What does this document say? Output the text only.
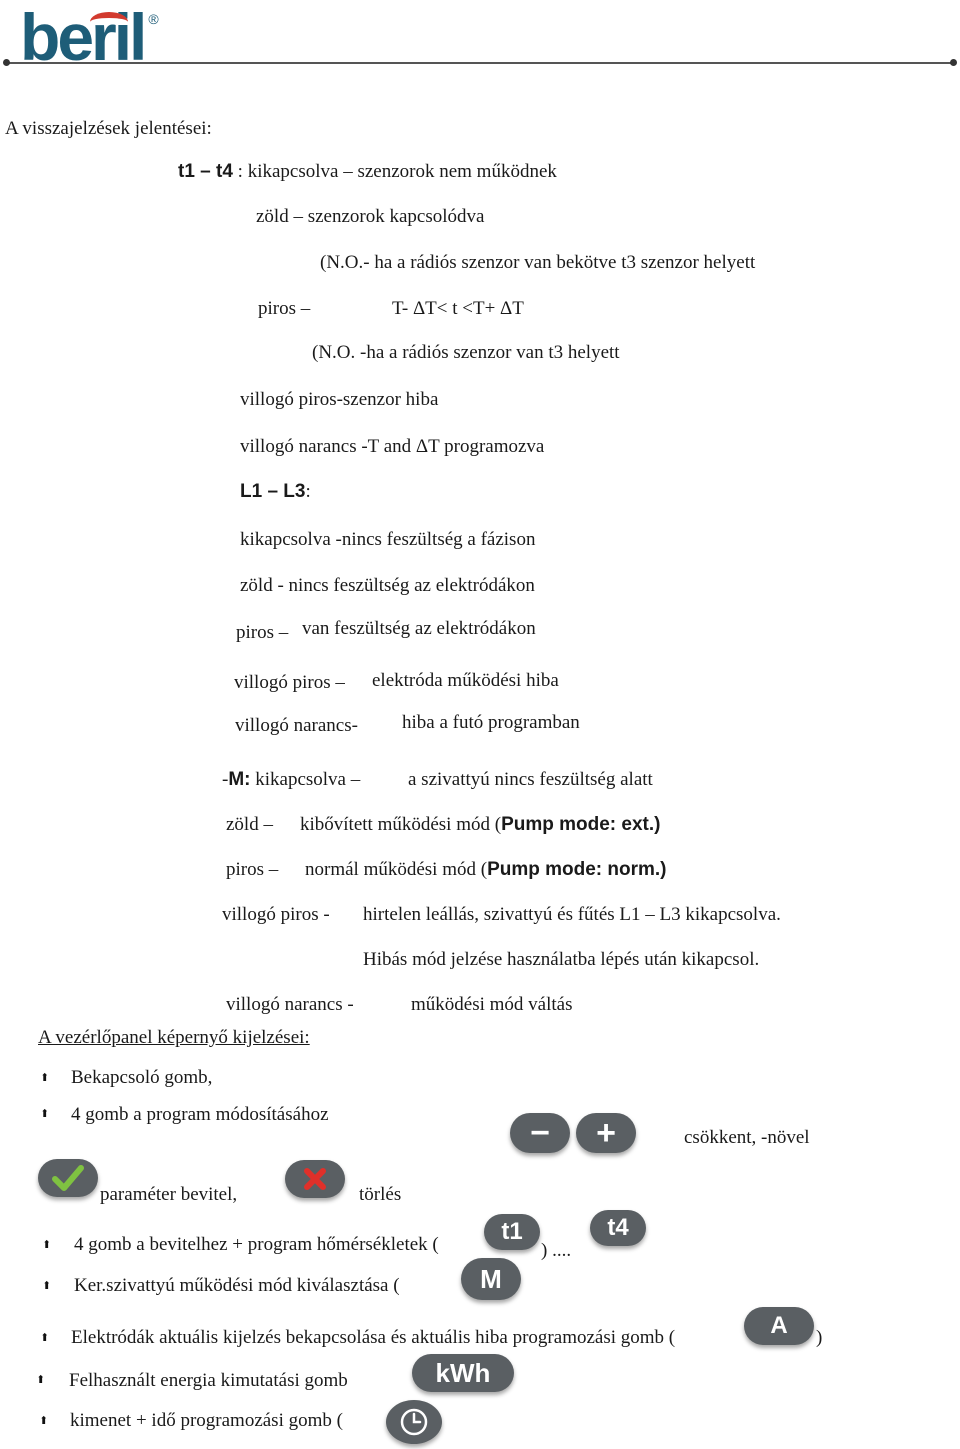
beril ®
A visszajelzések jelentései:
t1 – t4 : kikapcsolva – szenzorok nem működnek
zöld – szenzorok kapcsolódva
(N.O.- ha a rádiós szenzor van bekötve t3 szenzor helyett
piros –	T- ΔT˂ t ˂T+ ΔT
(N.O. -ha a rádiós szenzor van t3 helyett
villogó piros-szenzor hiba
villogó narancs -T and ΔT programozva
L1 – L3:
kikapcsolva -nincs feszültség a fázison
zöld - nincs feszültség az elektródákon
piros – van feszültség az elektródákon
villogó piros – elektróda működési hiba
villogó narancs- hiba a futó programban
-M: kikapcsolva –	a szivattyú nincs feszültség alatt
zöld – kibővített működési mód (Pump mode: ext.)
piros – normál működési mód (Pump mode: norm.)
villogó piros - hirtelen leállás, szivattyú és fűtés L1 – L3 kikapcsolva.
Hibás mód jelzése használatba lépés után kikapcsol.
villogó narancs -	működési mód váltás
A vezérlőpanel képernyő kijelzései:
⬆ Bekapcsoló gomb,
⬆ 4 gomb a program módosításához	−	+	csökkent, -növel
paraméter bevitel,	törlés
⬆ 4 gomb a bevitelhez + program hőmérsékletek (	t1
) ....
t4
⬆ Ker.szivattyú működési mód kiválasztása (	M
⬆ Elektródák aktuális kijelzés bekapcsolása és aktuális hiba programozási gomb (	A	)
⬆ Felhasznált energia kimutatási gomb	kWh
⬆ kimenet + idő programozási gomb (
